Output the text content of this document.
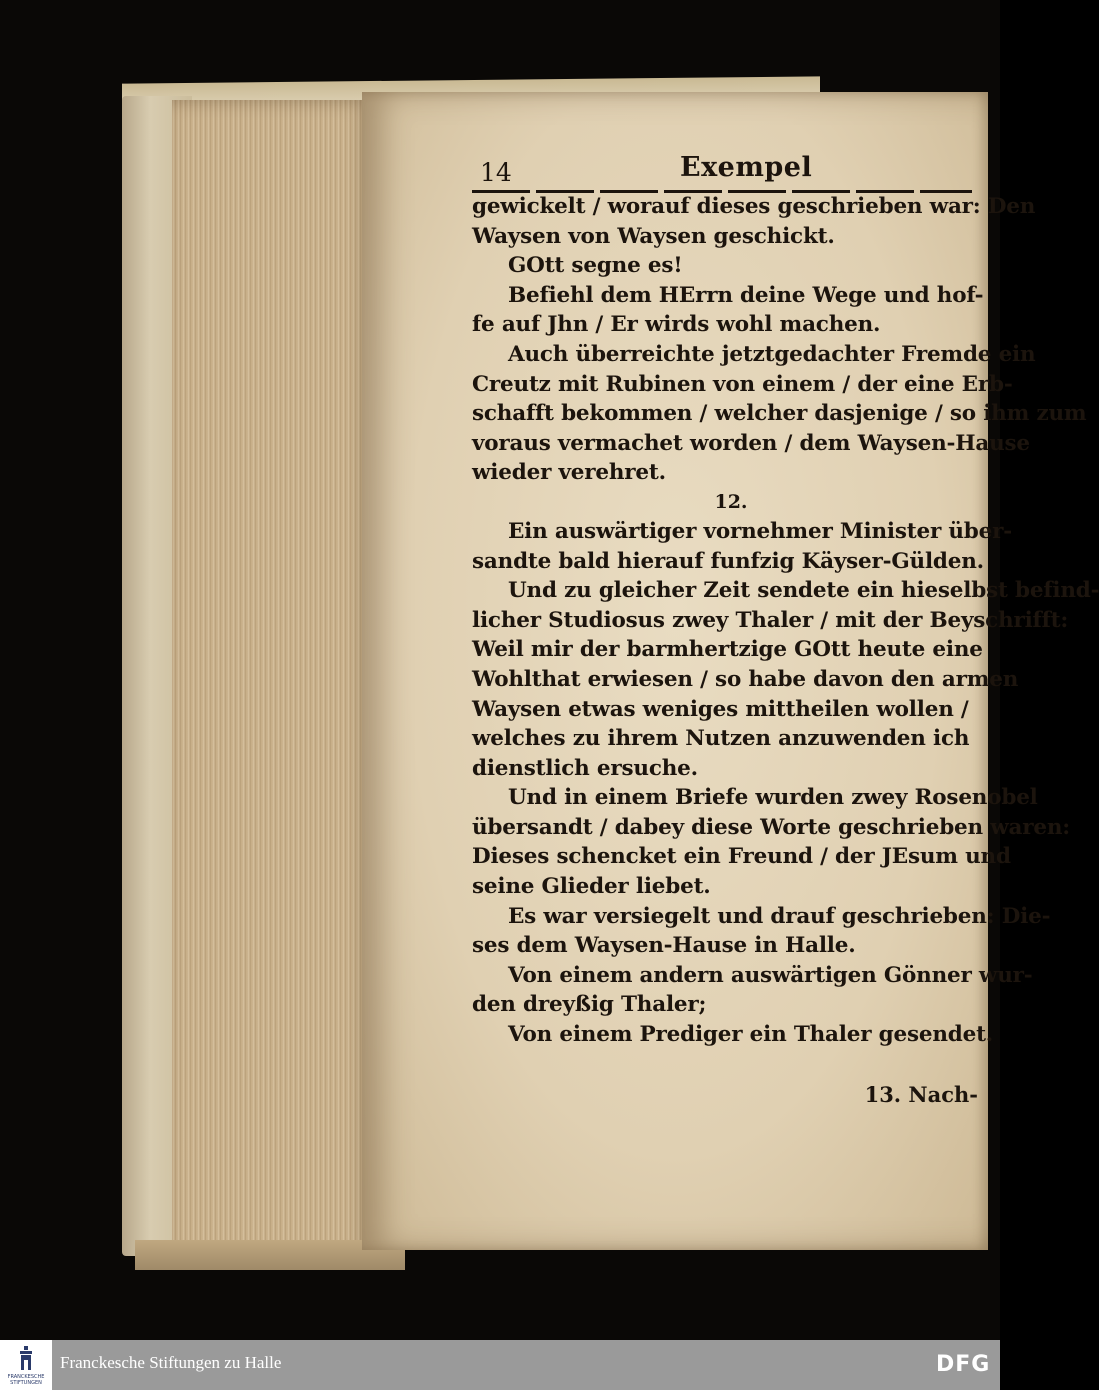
14	Exempel
gewickelt / worauf dieses geschrieben war: Den
Waysen von Waysen geschickt.
GOtt segne es!
Befiehl dem HErrn deine Wege und hof-
fe auf Jhn / Er wirds wohl machen.
Auch überreichte jetztgedachter Fremde ein
Creutz mit Rubinen von einem / der eine Erb-
schafft bekommen / welcher dasjenige / so ihm zum
voraus vermachet worden / dem Waysen-Hause
wieder verehret.
12.
Ein auswärtiger vornehmer Minister über-
sandte bald hierauf funfzig Käyser-Gülden.
Und zu gleicher Zeit sendete ein hieselbst befind-
licher Studiosus zwey Thaler / mit der Beyschrifft:
Weil mir der barmhertzige GOtt heute eine
Wohlthat erwiesen / so habe davon den armen
Waysen etwas weniges mittheilen wollen /
welches zu ihrem Nutzen anzuwenden ich
dienstlich ersuche.
Und in einem Briefe wurden zwey Rosenobel
übersandt / dabey diese Worte geschrieben waren:
Dieses schencket ein Freund / der JEsum und
seine Glieder liebet.
Es war versiegelt und drauf geschrieben: Die-
ses dem Waysen-Hause in Halle.
Von einem andern auswärtigen Gönner wur-
den dreyßig Thaler;
Von einem Prediger ein Thaler gesendet.
13. Nach-
FRANCKESCHE STIFTUNGEN
Franckesche Stiftungen zu Halle	DFG
